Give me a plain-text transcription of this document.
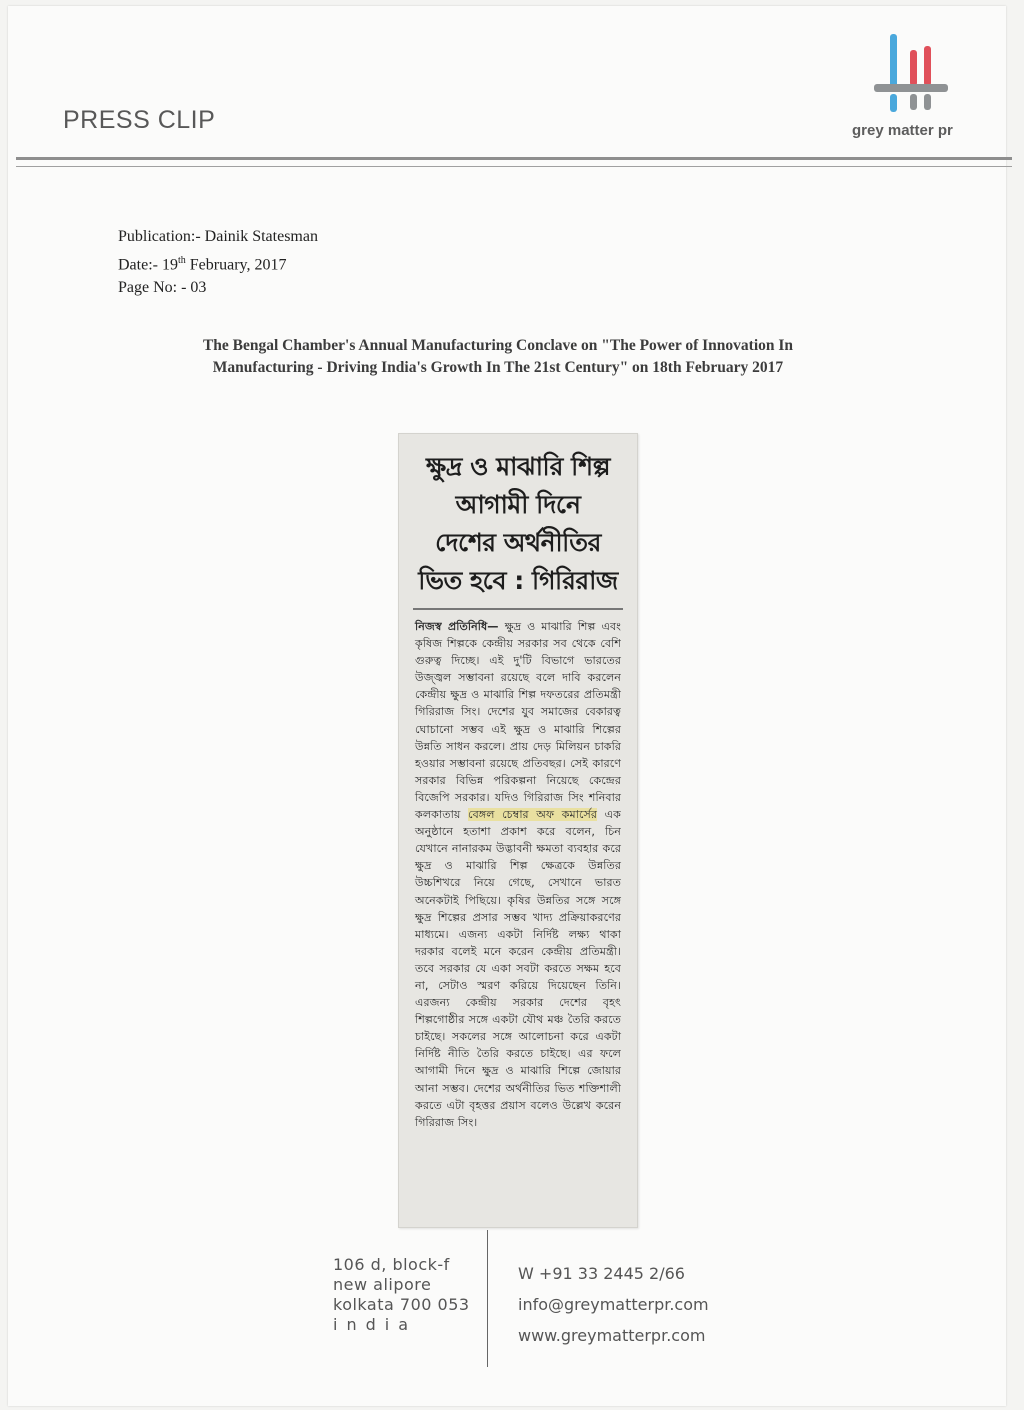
PRESS CLIP	grey matter pr
Publication:- Dainik Statesman
Date:- 19th February, 2017
Page No: - 03
The Bengal Chamber's Annual Manufacturing Conclave on "The Power of Innovation In
Manufacturing - Driving India's Growth In The 21st Century" on 18th February 2017
ক্ষুদ্র ও মাঝারি শিল্প
আগামী দিনে
দেশের অর্থনীতির
ভিত হবে : গিরিরাজ
নিজস্ব প্রতিনিধি— ক্ষুদ্র ও মাঝারি শিল্প এবং কৃষিজ শিল্পকে কেন্দ্রীয় সরকার সব থেকে বেশি গুরুত্ব দিচ্ছে। এই দু'টি বিভাগে ভারতের উজ্জ্বল সম্ভাবনা রয়েছে বলে দাবি করলেন কেন্দ্রীয় ক্ষুদ্র ও মাঝারি শিল্প দফতরের প্রতিমন্ত্রী গিরিরাজ সিং। দেশের যুব সমাজের বেকারত্ব ঘোচানো সম্ভব এই ক্ষুদ্র ও মাঝারি শিল্পের উন্নতি সাধন করলে। প্রায় দেড় মিলিয়ন চাকরি হওয়ার সম্ভাবনা রয়েছে প্রতিবছর। সেই কারণে সরকার বিভিন্ন পরিকল্পনা নিয়েছে কেন্দ্রের বিজেপি সরকার। যদিও গিরিরাজ সিং শনিবার কলকাতায় বেঙ্গল চেম্বার অফ কমার্সের এক অনুষ্ঠানে হতাশা প্রকাশ করে বলেন, চিন যেখানে নানারকম উদ্ভাবনী ক্ষমতা ব্যবহার করে ক্ষুদ্র ও মাঝারি শিল্প ক্ষেত্রকে উন্নতির উচ্চশিখরে নিয়ে গেছে, সেখানে ভারত অনেকটাই পিছিয়ে। কৃষির উন্নতির সঙ্গে সঙ্গে ক্ষুদ্র শিল্পের প্রসার সম্ভব খাদ্য প্রক্রিয়াকরণের মাধ্যমে। এজন্য একটা নির্দিষ্ট লক্ষ্য থাকা দরকার বলেই মনে করেন কেন্দ্রীয় প্রতিমন্ত্রী। তবে সরকার যে একা সবটা করতে সক্ষম হবে না, সেটাও স্মরণ করিয়ে দিয়েছেন তিনি। এরজন্য কেন্দ্রীয় সরকার দেশের বৃহৎ শিল্পগোষ্ঠীর সঙ্গে একটা যৌথ মঞ্চ তৈরি করতে চাইছে। সকলের সঙ্গে আলোচনা করে একটা নির্দিষ্ট নীতি তৈরি করতে চাইছে। এর ফলে আগামী দিনে ক্ষুদ্র ও মাঝারি শিল্পে জোয়ার আনা সম্ভব। দেশের অর্থনীতির ভিত শক্তিশালী করতে এটা বৃহত্তর প্রয়াস বলেও উল্লেখ করেন গিরিরাজ সিং।
106 d, block-f
new alipore
kolkata 700 053
india
W +91 33 2445 2/66
info@greymatterpr.com
www.greymatterpr.com
